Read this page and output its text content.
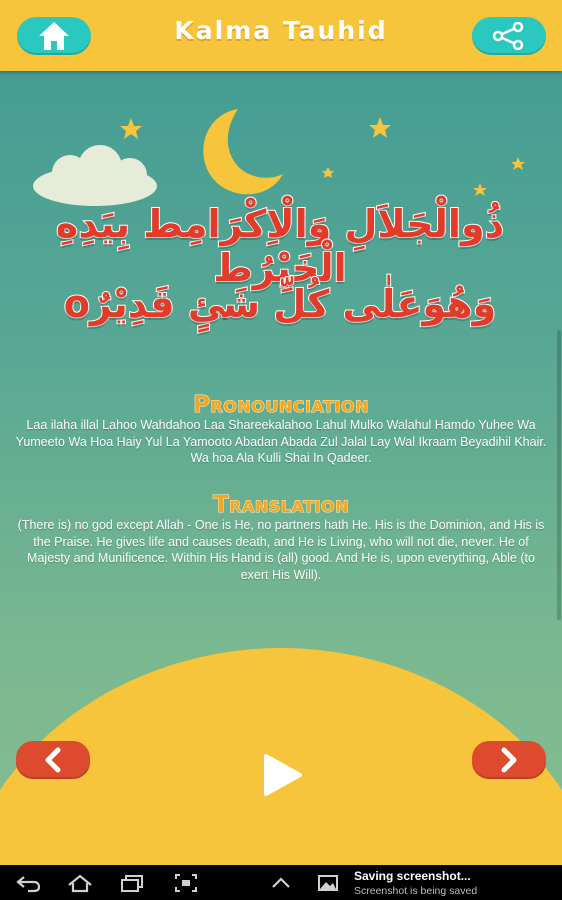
Kalma Tauhid
ذُوالْجَلاَلِ وَالْاِكْرَامِط بِيَدِهِ الْخَيْرُط
وَهُوَعَلٰى كُلِّ شَئٍ قَدِيْرٌo
Pronounciation
Laa ilaha illal Lahoo Wahdahoo Laa Shareekalahoo Lahul Mulko Walahul Hamdo Yuhee Wa Yumeeto Wa Hoa Haiy Yul La Yamooto Abadan Abada Zul Jalal Lay Wal Ikraam Beyadihil Khair. Wa hoa Ala Kulli Shai In Qadeer.
Translation
(There is) no god except Allah - One is He, no partners hath He. His is the Dominion, and His is the Praise. He gives life and causes death, and He is Living, who will not die, never. He of Majesty and Munificence. Within His Hand is (all) good. And He is, upon everything, Able (to exert His Will).
Saving screenshot...
Screenshot is being saved
